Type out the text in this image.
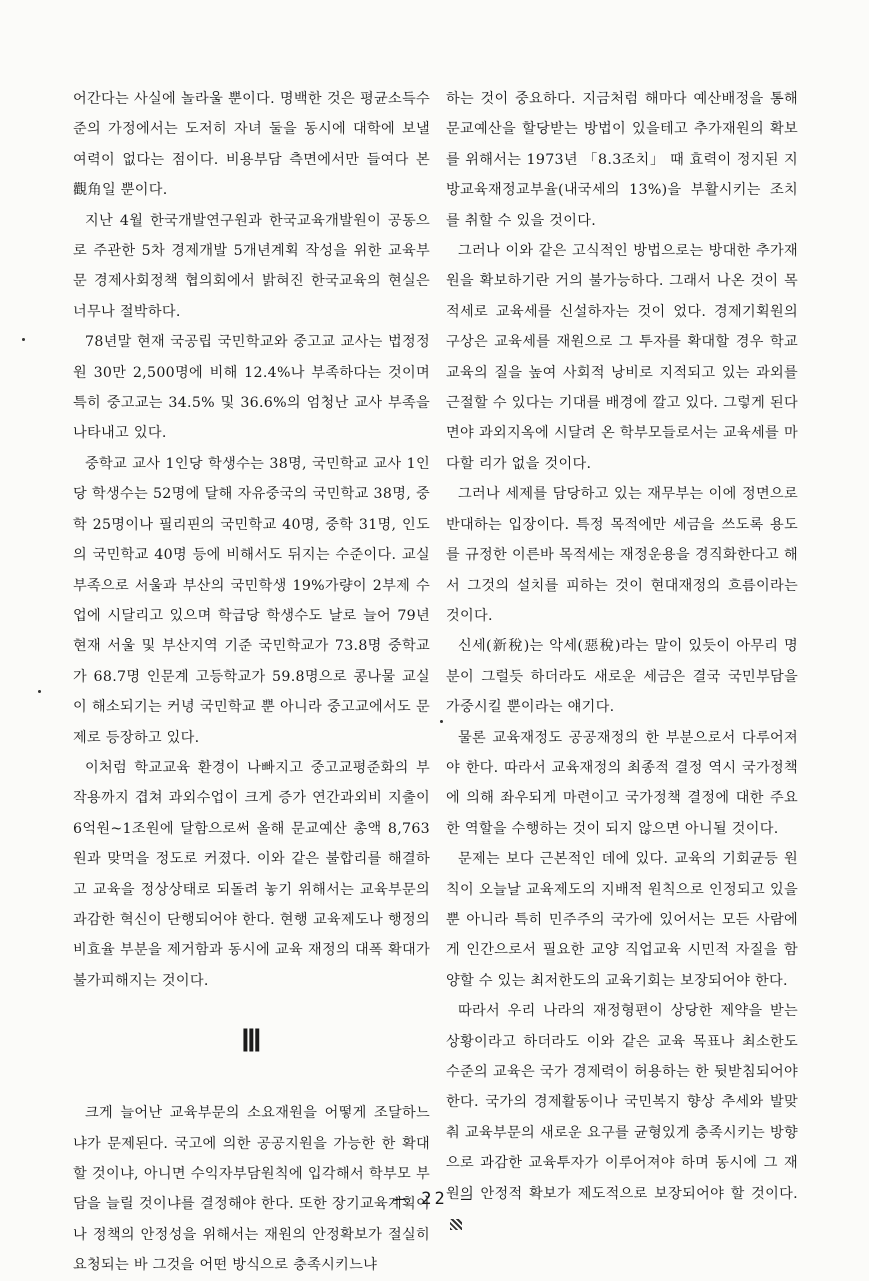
어간다는 사실에 놀라울 뿐이다. 명백한 것은 평균소득수준의 가정에서는 도저히 자녀 둘을 동시에 대학에 보낼 여력이 없다는 점이다. 비용부담 측면에서만 들여다 본 觀角일 뿐이다.

지난 4월 한국개발연구원과 한국교육개발원이 공동으로 주관한 5차 경제개발 5개년계획 작성을 위한 교육부문 경제사회정책 협의회에서 밝혀진 한국교육의 현실은 너무나 절박하다.

78년말 현재 국공립 국민학교와 중고교 교사는 법정정원 30만 2,500명에 비해 12.4%나 부족하다는 것이며 특히 중고교는 34.5% 및 36.6%의 엄청난 교사 부족을 나타내고 있다.

중학교 교사 1인당 학생수는 38명, 국민학교 교사 1인당 학생수는 52명에 달해 자유중국의 국민학교 38명, 중학 25명이나 필리핀의 국민학교 40명, 중학 31명, 인도의 국민학교 40명 등에 비해서도 뒤지는 수준이다. 교실부족으로 서울과 부산의 국민학생 19%가량이 2부제 수업에 시달리고 있으며 학급당 학생수도 날로 늘어 79년 현재 서울 및 부산지역 기준 국민학교가 73.8명 중학교가 68.7명 인문계 고등학교가 59.8명으로 콩나물 교실이 해소되기는 커녕 국민학교 뿐 아니라 중고교에서도 문제로 등장하고 있다.

이처럼 학교교육 환경이 나빠지고 중고교평준화의 부작용까지 겹쳐 과외수업이 크게 증가 연간과외비 지출이 6억원~1조원에 달함으로써 올해 문교예산 총액 8,763원과 맞먹을 정도로 커졌다. 이와 같은 불합리를 해결하고 교육을 정상상태로 되돌려 놓기 위해서는 교육부문의 과감한 혁신이 단행되어야 한다. 현행 교육제도나 행정의 비효율 부분을 제거함과 동시에 교육 재정의 대폭 확대가 불가피해지는 것이다.

Ⅲ

크게 늘어난 교육부문의 소요재원을 어떻게 조달하느냐가 문제된다. 국고에 의한 공공지원을 가능한 한 확대할 것이냐, 아니면 수익자부담원칙에 입각해서 학부모 부담을 늘릴 것이냐를 결정해야 한다. 또한 장기교육계획이나 정책의 안정성을 위해서는 재원의 안정확보가 절실히 요청되는 바 그것을 어떤 방식으로 충족시키느냐

하는 것이 중요하다. 지금처럼 해마다 예산배정을 통해 문교예산을 할당받는 방법이 있을테고 추가재원의 확보를 위해서는 1973년 「8.3조치」 때 효력이 정지된 지방교육재정교부율(내국세의 13%)을 부활시키는 조치를 취할 수 있을 것이다.

그러나 이와 같은 고식적인 방법으로는 방대한 추가재원을 확보하기란 거의 불가능하다. 그래서 나온 것이 목적세로 교육세를 신설하자는 것이 었다. 경제기획원의 구상은 교육세를 재원으로 그 투자를 확대할 경우 학교교육의 질을 높여 사회적 낭비로 지적되고 있는 과외를 근절할 수 있다는 기대를 배경에 깔고 있다. 그렇게 된다면야 과외지옥에 시달려 온 학부모들로서는 교육세를 마다할 리가 없을 것이다.

그러나 세제를 담당하고 있는 재무부는 이에 정면으로 반대하는 입장이다. 특정 목적에만 세금을 쓰도록 용도를 규정한 이른바 목적세는 재정운용을 경직화한다고 해서 그것의 설치를 피하는 것이 현대재정의 흐름이라는 것이다.

신세(新稅)는 악세(惡稅)라는 말이 있듯이 아무리 명분이 그럴듯 하더라도 새로운 세금은 결국 국민부담을 가중시킬 뿐이라는 얘기다.

물론 교육재정도 공공재정의 한 부분으로서 다루어져야 한다. 따라서 교육재정의 최종적 결정 역시 국가정책에 의해 좌우되게 마련이고 국가정책 결정에 대한 주요한 역할을 수행하는 것이 되지 않으면 아니될 것이다.

문제는 보다 근본적인 데에 있다. 교육의 기회균등 원칙이 오늘날 교육제도의 지배적 원칙으로 인정되고 있을 뿐 아니라 특히 민주주의 국가에 있어서는 모든 사람에게 인간으로서 필요한 교양 직업교육 시민적 자질을 함양할 수 있는 최저한도의 교육기회는 보장되어야 한다.

따라서 우리 나라의 재정형편이 상당한 제약을 받는 상황이라고 하더라도 이와 같은 교육 목표나 최소한도 수준의 교육은 국가 경제력이 허용하는 한 뒷받침되어야 한다. 국가의 경제활동이나 국민복지 향상 추세와 발맞춰 교육부문의 새로운 요구를 균형있게 충족시키는 방향으로 과감한 교육투자가 이루어져야 하며 동시에 그 재원의 안정적 확보가 제도적으로 보장되어야 할 것이다.

— 22 —
